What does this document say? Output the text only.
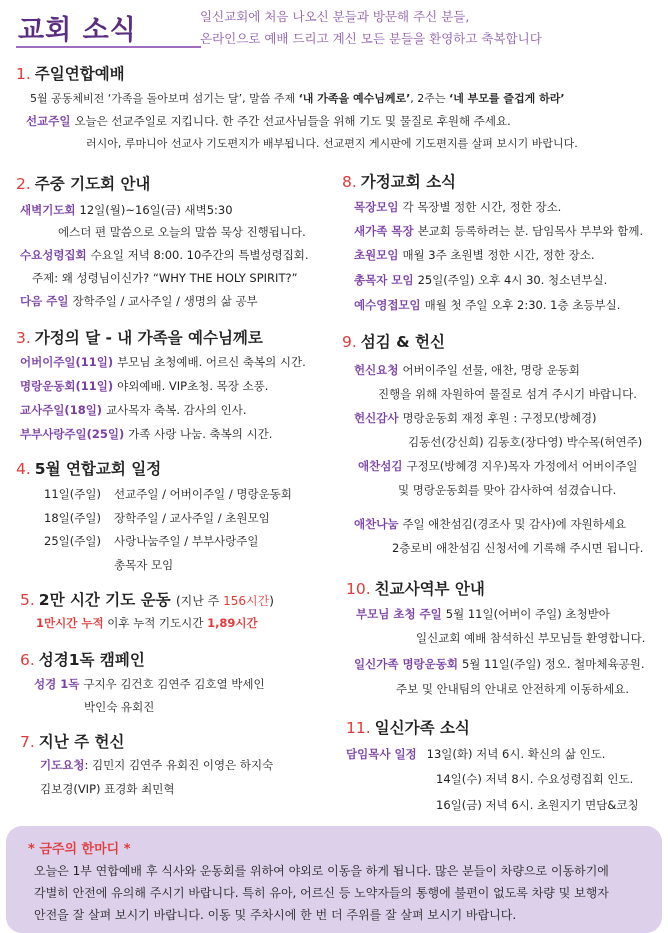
교회 소식	일신교회에 처음 나오신 분들과 방문해 주신 분들,
온라인으로 예배 드리고 계신 모든 분들을 환영하고 축복합니다
1. 주일연합예배
5월 공동체비전 ‘가족을 돌아보며 섬기는 달’, 말씀 주제 ‘내 가족을 예수님께로’, 2주는 ‘네 부모를 즐겁게 하라’
선교주일 오늘은 선교주일로 지킵니다. 한 주간 선교사님들을 위해 기도 및 물질로 후원해 주세요.
러시아, 루마니아 선교사 기도편지가 배부됩니다. 선교편지 게시판에 기도편지를 살펴 보시기 바랍니다.
2. 주중 기도회 안내
새벽기도회 12일(월)~16일(금) 새벽5:30
에스더 편 말씀으로 오늘의 말씀 묵상 진행됩니다.
수요성령집회 수요일 저녁 8:00. 10주간의 특별성령집회.
주제: 왜 성령님이신가? “WHY THE HOLY SPIRIT?”
다음 주일 장학주일 / 교사주일 / 생명의 삶 공부
3. 가정의 달 - 내 가족을 예수님께로
어버이주일(11일) 부모님 초청예배. 어르신 축복의 시간.
명랑운동회(11일) 야외예배. VIP초청. 목장 소풍.
교사주일(18일) 교사목자 축복. 감사의 인사.
부부사랑주일(25일) 가족 사랑 나눔. 축복의 시간.
4. 5월 연합교회 일정
11일(주일) 선교주일 / 어버이주일 / 명랑운동회
18일(주일) 장학주일 / 교사주일 / 초원모임
25일(주일) 사랑나눔주일 / 부부사랑주일
총목자 모임
5. 2만 시간 기도 운동 (지난 주 156시간)
1만시간 누적 이후 누적 기도시간 1,89시간
6. 성경1독 캠페인
성경 1독 구지우 김건호 김연주 김호열 박세인
박인숙 유회진
7. 지난 주 헌신
기도요청: 김민지 김연주 유회진 이영은 하지숙
김보경(VIP) 표경화 최민혁
8. 가정교회 소식
목장모임 각 목장별 정한 시간, 정한 장소.
새가족 목장 본교회 등록하려는 분. 담임목사 부부와 함께.
초원모임 매월 3주 초원별 정한 시간, 정한 장소.
총목자 모임 25일(주일) 오후 4시 30. 청소년부실.
예수영접모임 매월 첫 주일 오후 2:30. 1층 초등부실.
9. 섬김 & 헌신
헌신요청 어버이주일 선물, 애찬, 명랑 운동회
진행을 위해 자원하여 물질로 섬겨 주시기 바랍니다.
헌신감사 명랑운동회 재정 후원 : 구정모(방혜경)
김동선(강신희) 김동호(장다영) 박수목(허연주)
애찬섬김 구정모(방혜경 지우)목자 가정에서 어버이주일
및 명랑운동회를 맞아 감사하여 섬겼습니다.
애찬나눔 주일 애찬섬김(경조사 및 감사)에 자원하세요
2층로비 애찬섬김 신청서에 기록해 주시면 됩니다.
10. 친교사역부 안내
부모님 초청 주일 5월 11일(어버이 주일) 초청받아
일신교회 예배 참석하신 부모님들 환영합니다.
일신가족 명랑운동회 5월 11일(주일) 정오. 철마체육공원.
주보 및 안내팀의 안내로 안전하게 이동하세요.
11. 일신가족 소식
담임목사 일정 13일(화) 저녁 6시. 확신의 삶 인도.
14일(수) 저녁 8시. 수요성령집회 인도.
16일(금) 저녁 6시. 초원지기 면담&코칭
* 금주의 한마디 *
오늘은 1부 연합예배 후 식사와 운동회를 위하여 야외로 이동을 하게 됩니다. 많은 분들이 차량으로 이동하기에
각별히 안전에 유의해 주시기 바랍니다. 특히 유아, 어르신 등 노약자들의 통행에 불편이 없도록 차량 및 보행자
안전을 잘 살펴 보시기 바랍니다. 이동 및 주차시에 한 번 더 주위를 잘 살펴 보시기 바랍니다.
